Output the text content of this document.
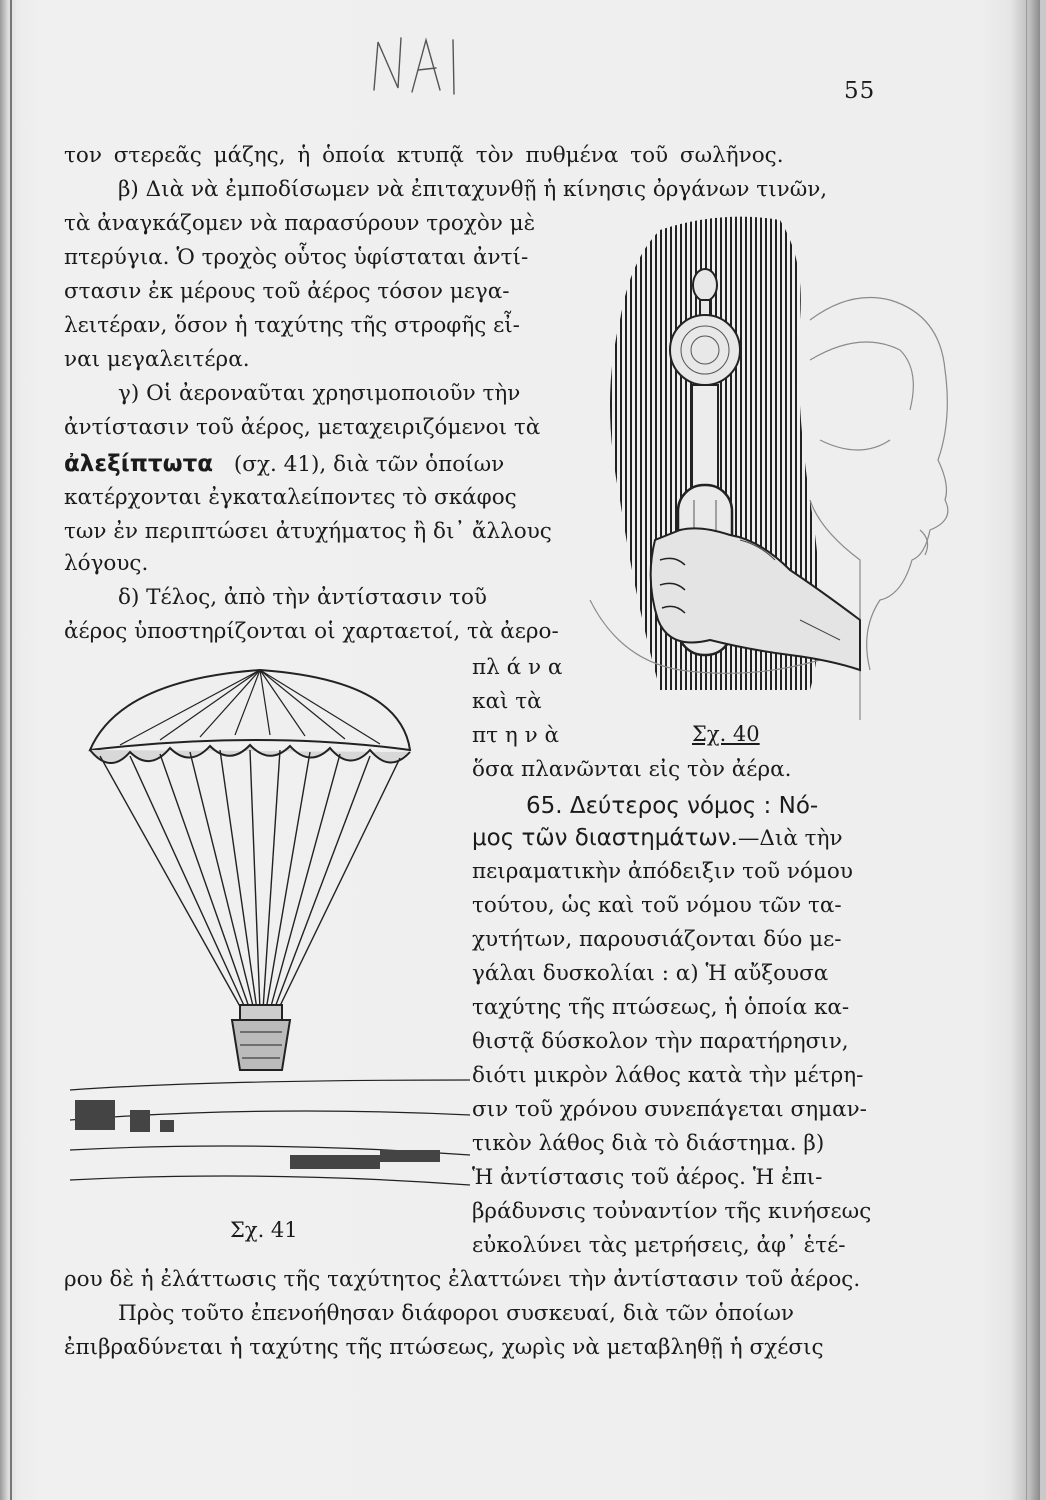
55
τον στερεᾶς μάζης, ἡ ὁποία κτυπᾷ τὸν πυθμένα τοῦ σωλῆνος.
β) Διὰ νὰ ἐμποδίσωμεν νὰ ἐπιταχυνθῇ ἡ κίνησις ὀργάνων τινῶν,
τὰ ἀναγκάζομεν νὰ παρασύρουν τροχὸν μὲ
πτερύγια. Ὁ τροχὸς οὗτος ὑφίσταται ἀντί-
στασιν ἐκ μέρους τοῦ ἀέρος τόσον μεγα-
λειτέραν, ὅσον ἡ ταχύτης τῆς στροφῆς εἶ-
ναι μεγαλειτέρα.
γ) Οἱ ἀεροναῦται χρησιμοποιοῦν τὴν
ἀντίστασιν τοῦ ἀέρος, μεταχειριζόμενοι τὰ
ἀλεξίπτωτα (σχ. 41), διὰ τῶν ὁποίων
κατέρχονται ἐγκαταλείποντες τὸ σκάφος
των ἐν περιπτώσει ἀτυχήματος ἢ δι᾽ ἄλλους
λόγους.
δ) Τέλος, ἀπὸ τὴν ἀντίστασιν τοῦ
ἀέρος ὑποστηρίζονται οἱ χαρταετοί, τὰ ἀερο-
πλ ά ν α
καὶ τὰ
πτ η ν ὰ
ὅσα πλανῶνται εἰς τὸν ἀέρα.
65. Δεύτερος νόμος : Νό-
μος τῶν διαστημάτων.—Διὰ τὴν
πειραματικὴν ἀπόδειξιν τοῦ νόμου
τούτου, ὡς καὶ τοῦ νόμου τῶν τα-
χυτήτων, παρουσιάζονται δύο με-
γάλαι δυσκολίαι : α) Ἡ αὔξουσα
ταχύτης τῆς πτώσεως, ἡ ὁποία κα-
θιστᾷ δύσκολον τὴν παρατήρησιν,
διότι μικρὸν λάθος κατὰ τὴν μέτρη-
σιν τοῦ χρόνου συνεπάγεται σημαν-
τικὸν λάθος διὰ τὸ διάστημα. β)
Ἡ ἀντίστασις τοῦ ἀέρος. Ἡ ἐπι-
βράδυνσις τοὐναντίον τῆς κινήσεως
εὐκολύνει τὰς μετρήσεις, ἀφ᾽ ἑτέ-
ρου δὲ ἡ ἐλάττωσις τῆς ταχύτητος ἐλαττώνει τὴν ἀντίστασιν τοῦ ἀέρος.
Πρὸς τοῦτο ἐπενοήθησαν διάφοροι συσκευαί, διὰ τῶν ὁποίων
ἐπιβραδύνεται ἡ ταχύτης τῆς πτώσεως, χωρὶς νὰ μεταβληθῇ ἡ σχέσις
Σχ. 40
Σχ. 41
